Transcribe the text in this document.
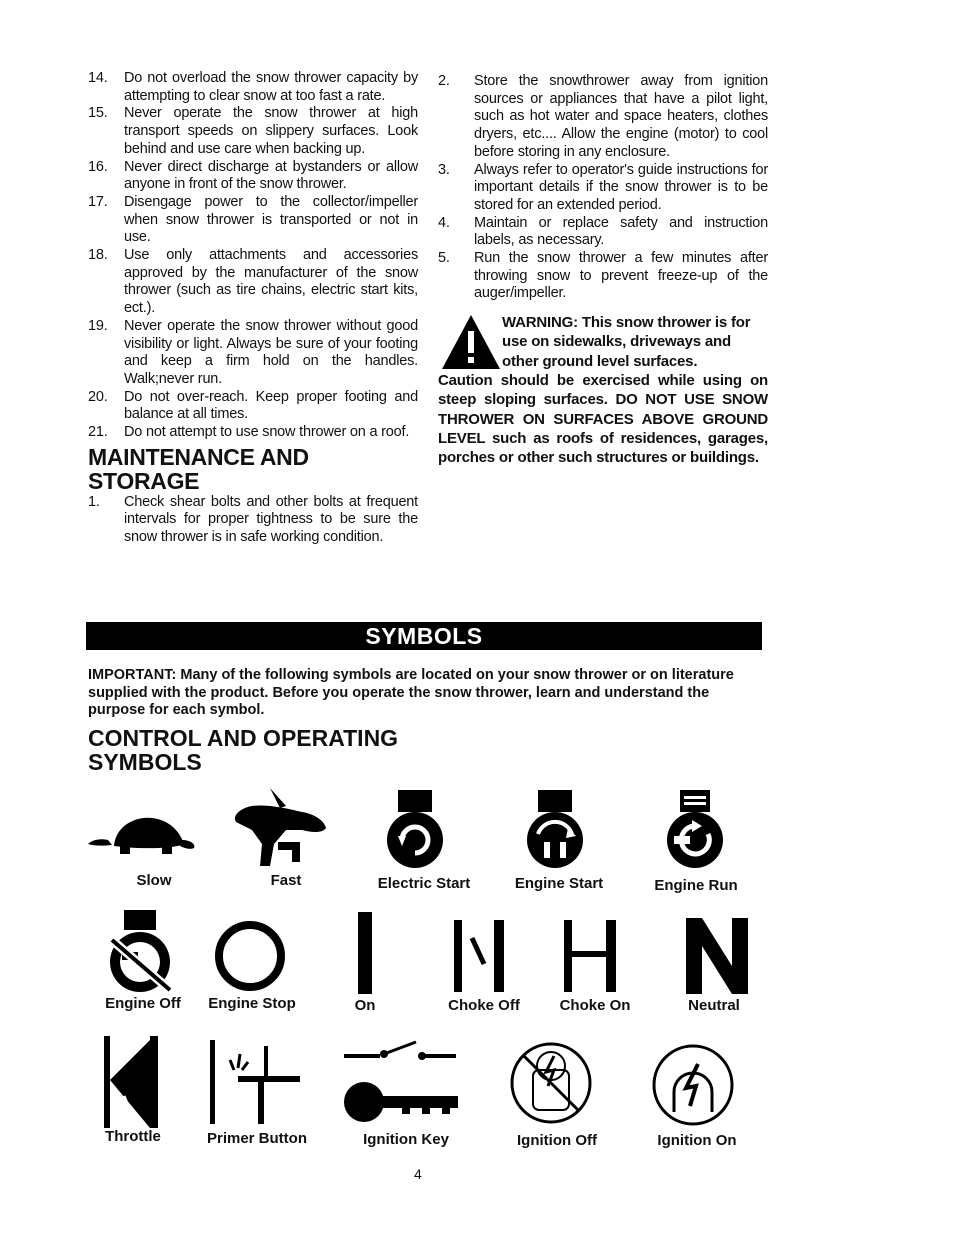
14.	Do not overload the snow thrower capacity by attempting to clear snow at too fast a rate.
15.	Never operate the snow thrower at high transport speeds on slippery surfaces. Look behind and use care when backing up.
16.	Never direct discharge at bystanders or allow anyone in front of the snow thrower.
17.	Disengage power to the collector/impeller when snow thrower is transported or not in use.
18.	Use only attachments and accessories approved by the manufacturer of the snow thrower (such as tire chains, electric start kits, ect.).
19.	Never operate the snow thrower without good visibility or light. Always be sure of your footing and keep a firm hold on the handles. Walk;never run.
20.	Do not over-reach. Keep proper footing and balance at all times.
21.	Do not attempt to use snow thrower on a roof.
MAINTENANCE AND STORAGE
1.	Check shear bolts and other bolts at frequent intervals for proper tightness to be sure the snow thrower is in safe working condition.
2.	Store the snowthrower away from ignition sources or appliances that have a pilot light, such as hot water and space heaters, clothes dryers, etc.... Allow the engine (motor) to cool before storing in any enclosure.
3.	Always refer to operator's guide instructions for important details if the snow thrower is to be stored for an extended period.
4.	Maintain or replace safety and instruction labels, as necessary.
5.	Run the snow thrower a few minutes after throwing snow to prevent freeze-up of the auger/impeller.
WARNING: This snow thrower is for use on sidewalks, driveways and other ground level surfaces.
Caution should be exercised while using on steep sloping surfaces. DO NOT USE SNOW THROWER ON SURFACES ABOVE GROUND LEVEL such as roofs of residences, garages, porches or other such structures or buildings.
SYMBOLS
IMPORTANT: Many of the following symbols are located on your snow thrower or on literature supplied with the product. Before you operate the snow thrower, learn and understand the purpose for each symbol.
CONTROL AND OPERATING SYMBOLS
Slow	Fast	Electric Start	Engine Start	Engine Run
Engine Off	Engine Stop	On	Choke Off	Choke On	Neutral
Throttle	Primer Button	Ignition Key	Ignition Off	Ignition On
4
